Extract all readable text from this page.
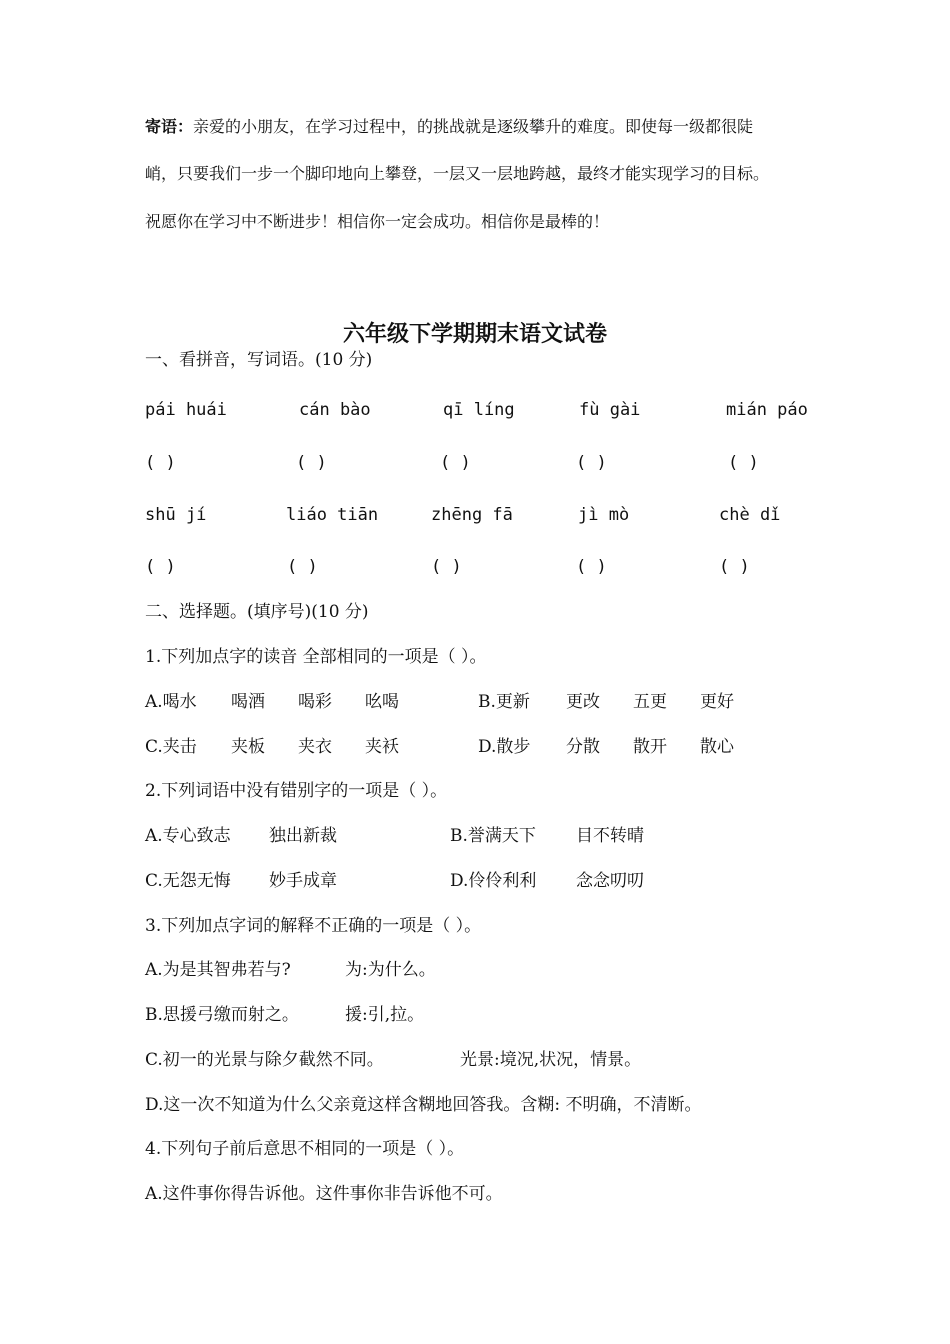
寄语：亲爱的小朋友，在学习过程中，的挑战就是逐级攀升的难度。即使每一级都很陡
峭，只要我们一步一个脚印地向上攀登，一层又一层地跨越，最终才能实现学习的目标。
祝愿你在学习中不断进步！相信你一定会成功。相信你是最棒的！
六年级下学期期末语文试卷
一、看拼音，写词语。(10 分)
pái huái	cán bào	qī líng	fù gài	mián páo
( )	( )	( )	( )	( )
shū jí	liáo tiān	zhēng fā	jì mò	chè dǐ
( )	( )	( )	( )	( )
二、选择题。(填序号)(10 分)
1.下列加点字的读音 全部相同的一项是（ ）。
A.喝水 喝酒 喝彩 吆喝	B.更新 更改 五更 更好
C.夹击 夹板 夹衣 夹袄	D.散步 分散 散开 散心
2.下列词语中没有错别字的一项是（ ）。
A.专心致志 独出新裁	B.誉满天下 目不转晴
C.无怨无悔 妙手成章	D.伶伶利利 念念叨叨
3.下列加点字词的解释不正确的一项是（ ）。
A.为是其智弗若与?	为:为什么。
B.思援弓缴而射之。	援:引,拉。
C.初一的光景与除夕截然不同。	光景:境况,状况，情景。
D.这一次不知道为什么父亲竟这样含糊地回答我。含糊: 不明确，不清断。
4.下列句子前后意思不相同的一项是（ ）。
A.这件事你得告诉他。这件事你非告诉他不可。
